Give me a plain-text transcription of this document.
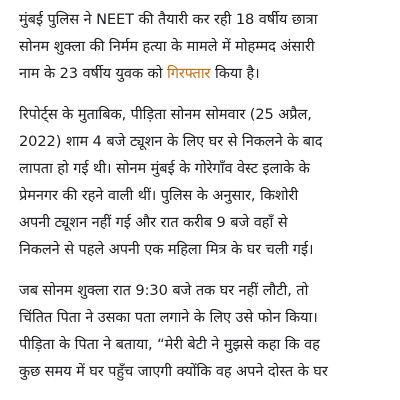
मुंबई पुलिस ने NEET की तैयारी कर रही 18 वर्षीय छात्रा
सोनम शुक्ला की निर्मम हत्या के मामले में मोहम्मद अंसारी
नाम के 23 वर्षीय युवक को गिरफ्तार किया है।

रिपोर्ट्स के मुताबिक, पीड़िता सोनम सोमवार (25 अप्रैल,
2022) शाम 4 बजे ट्यूशन के लिए घर से निकलने के बाद
लापता हो गई थी। सोनम मुंबई के गोरेगाँव वेस्ट इलाके के
प्रेमनगर की रहने वाली थीं। पुलिस के अनुसार, किशोरी
अपनी ट्यूशन नहीं गई और रात करीब 9 बजे वहाँ से
निकलने से पहले अपनी एक महिला मित्र के घर चली गई।

जब सोनम शुक्ला रात 9:30 बजे तक घर नहीं लौटी, तो
चिंतित पिता ने उसका पता लगाने के लिए उसे फोन किया।
पीड़िता के पिता ने बताया, “मेरी बेटी ने मुझसे कहा कि वह
कुछ समय में घर पहुँच जाएगी क्योंकि वह अपने दोस्त के घर
